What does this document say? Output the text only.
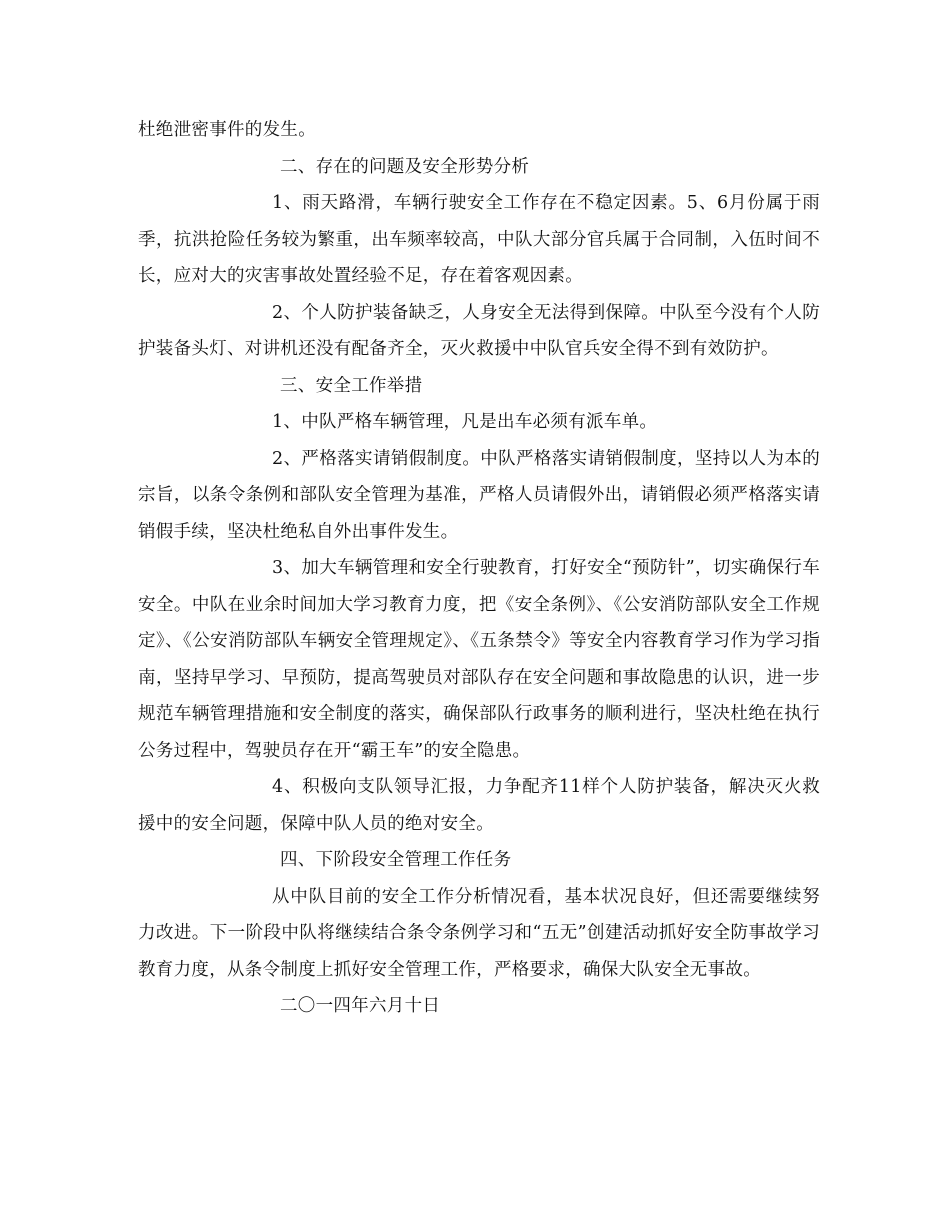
杜绝泄密事件的发生。

二、存在的问题及安全形势分析

1、雨天路滑，车辆行驶安全工作存在不稳定因素。5、6月份属于雨季，抗洪抢险任务较为繁重，出车频率较高，中队大部分官兵属于合同制，入伍时间不长，应对大的灾害事故处置经验不足，存在着客观因素。

2、个人防护装备缺乏，人身安全无法得到保障。中队至今没有个人防护装备头灯、对讲机还没有配备齐全，灭火救援中中队官兵安全得不到有效防护。

三、安全工作举措

1、中队严格车辆管理，凡是出车必须有派车单。

2、严格落实请销假制度。中队严格落实请销假制度，坚持以人为本的宗旨，以条令条例和部队安全管理为基准，严格人员请假外出，请销假必须严格落实请销假手续，坚决杜绝私自外出事件发生。

3、加大车辆管理和安全行驶教育，打好安全“预防针”，切实确保行车安全。中队在业余时间加大学习教育力度，把《安全条例》、《公安消防部队安全工作规定》、《公安消防部队车辆安全管理规定》、《五条禁令》等安全内容教育学习作为学习指南，坚持早学习、早预防，提高驾驶员对部队存在安全问题和事故隐患的认识，进一步规范车辆管理措施和安全制度的落实，确保部队行政事务的顺利进行，坚决杜绝在执行公务过程中，驾驶员存在开“霸王车”的安全隐患。

4、积极向支队领导汇报，力争配齐11样个人防护装备，解决灭火救援中的安全问题，保障中队人员的绝对安全。

四、下阶段安全管理工作任务

从中队目前的安全工作分析情况看，基本状况良好，但还需要继续努力改进。下一阶段中队将继续结合条令条例学习和“五无”创建活动抓好安全防事故学习教育力度，从条令制度上抓好安全管理工作，严格要求，确保大队安全无事故。

二〇一四年六月十日
